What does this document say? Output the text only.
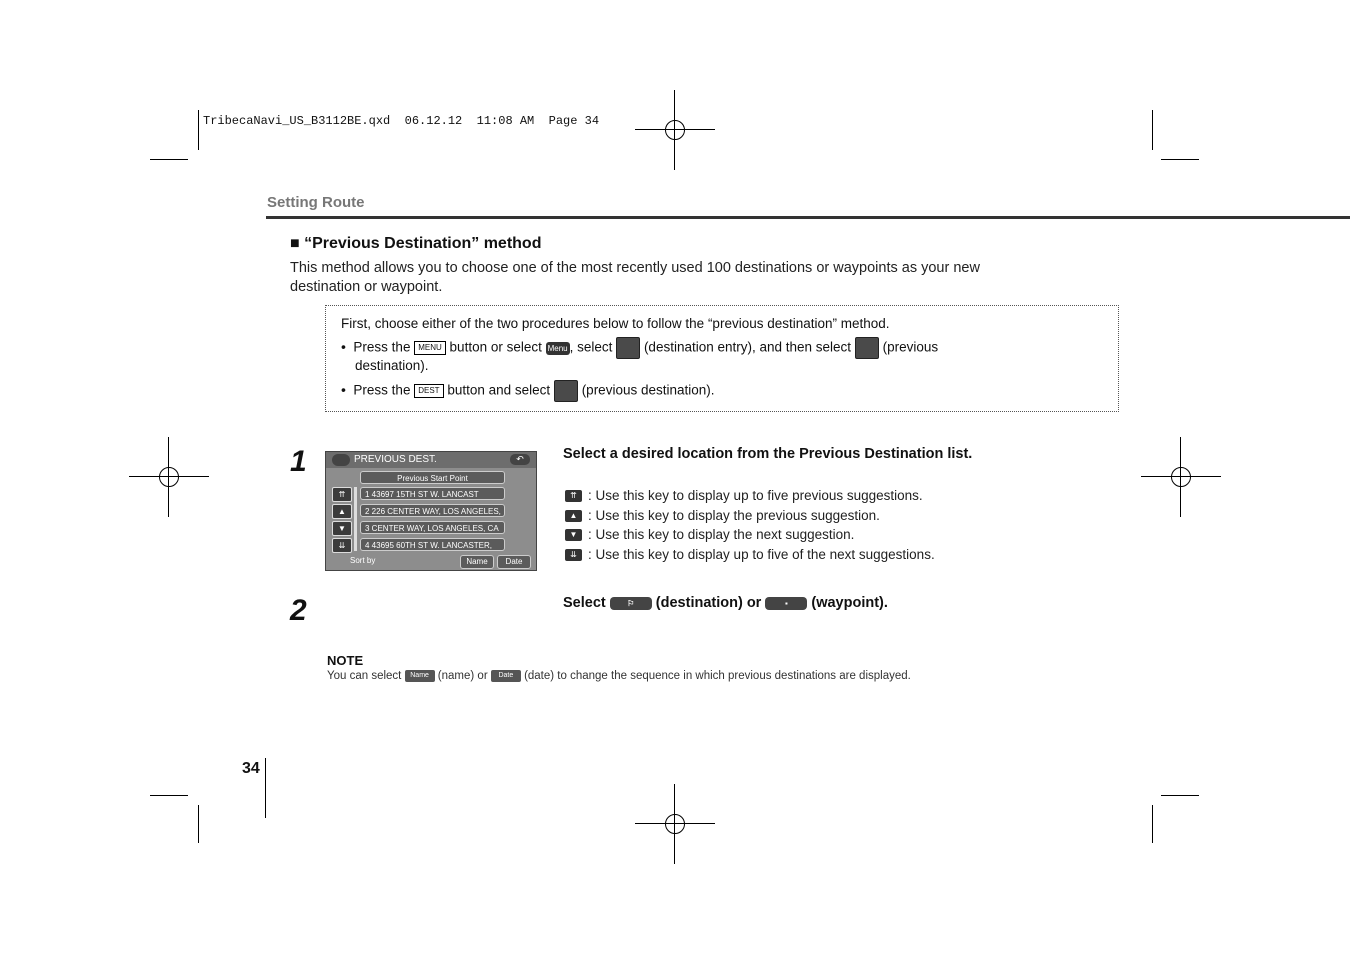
TribecaNavi_US_B3112BE.qxd  06.12.12  11:08 AM  Page 34
Setting Route
■ “Previous Destination” method
This method allows you to choose one of the most recently used 100 destinations or waypoints as your new
destination or waypoint.
First, choose either of the two procedures below to follow the “previous destination” method.
• Press the MENU button or select Menu , select (destination entry), and then select (previous
destination).
• Press the DEST button and select (previous destination).
1	PREVIOUS DEST.	↶
Previous Start Point
⇈
▲
▼
⇊
1 43697 15TH ST W. LANCAST
2 226 CENTER WAY, LOS ANGELES,
3 CENTER WAY, LOS ANGELES, CA
4 43695 60TH ST W. LANCASTER,
Sort by	Name	Date
Select a desired location from the Previous Destination list.
⇈ : Use this key to display up to five previous suggestions.
▲ : Use this key to display the previous suggestion.
▼ : Use this key to display the next suggestion.
⇊ : Use this key to display up to five of the next suggestions.
2	Select	⚐ (destination) or	▪ (waypoint).
NOTE
You can select Name (name) or Date (date) to change the sequence in which previous destinations are displayed.
34
